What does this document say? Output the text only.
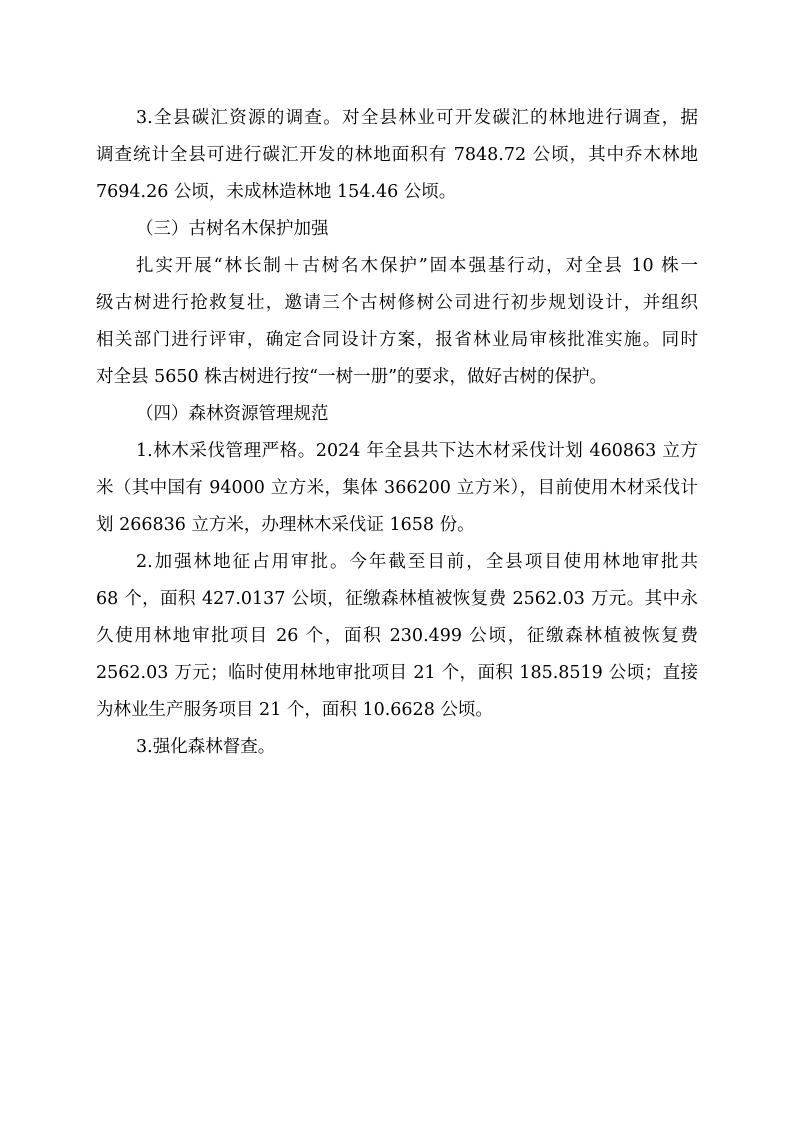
3.全县碳汇资源的调查。对全县林业可开发碳汇的林地进行调查，据
调查统计全县可进行碳汇开发的林地面积有 7848.72 公顷，其中乔木林地
7694.26 公顷，未成林造林地 154.46 公顷。
（三）古树名木保护加强
扎实开展“林长制＋古树名木保护”固本强基行动，对全县 10 株一
级古树进行抢救复壮，邀请三个古树修树公司进行初步规划设计，并组织
相关部门进行评审，确定合同设计方案，报省林业局审核批准实施。同时
对全县 5650 株古树进行按“一树一册”的要求，做好古树的保护。
（四）森林资源管理规范
1.林木采伐管理严格。2024 年全县共下达木材采伐计划 460863 立方
米（其中国有 94000 立方米，集体 366200 立方米），目前使用木材采伐计
划 266836 立方米，办理林木采伐证 1658 份。
2.加强林地征占用审批。今年截至目前，全县项目使用林地审批共
68 个，面积 427.0137 公顷，征缴森林植被恢复费 2562.03 万元。其中永
久使用林地审批项目 26 个，面积 230.499 公顷，征缴森林植被恢复费
2562.03 万元；临时使用林地审批项目 21 个，面积 185.8519 公顷；直接
为林业生产服务项目 21 个，面积 10.6628 公顷。
3.强化森林督查。
